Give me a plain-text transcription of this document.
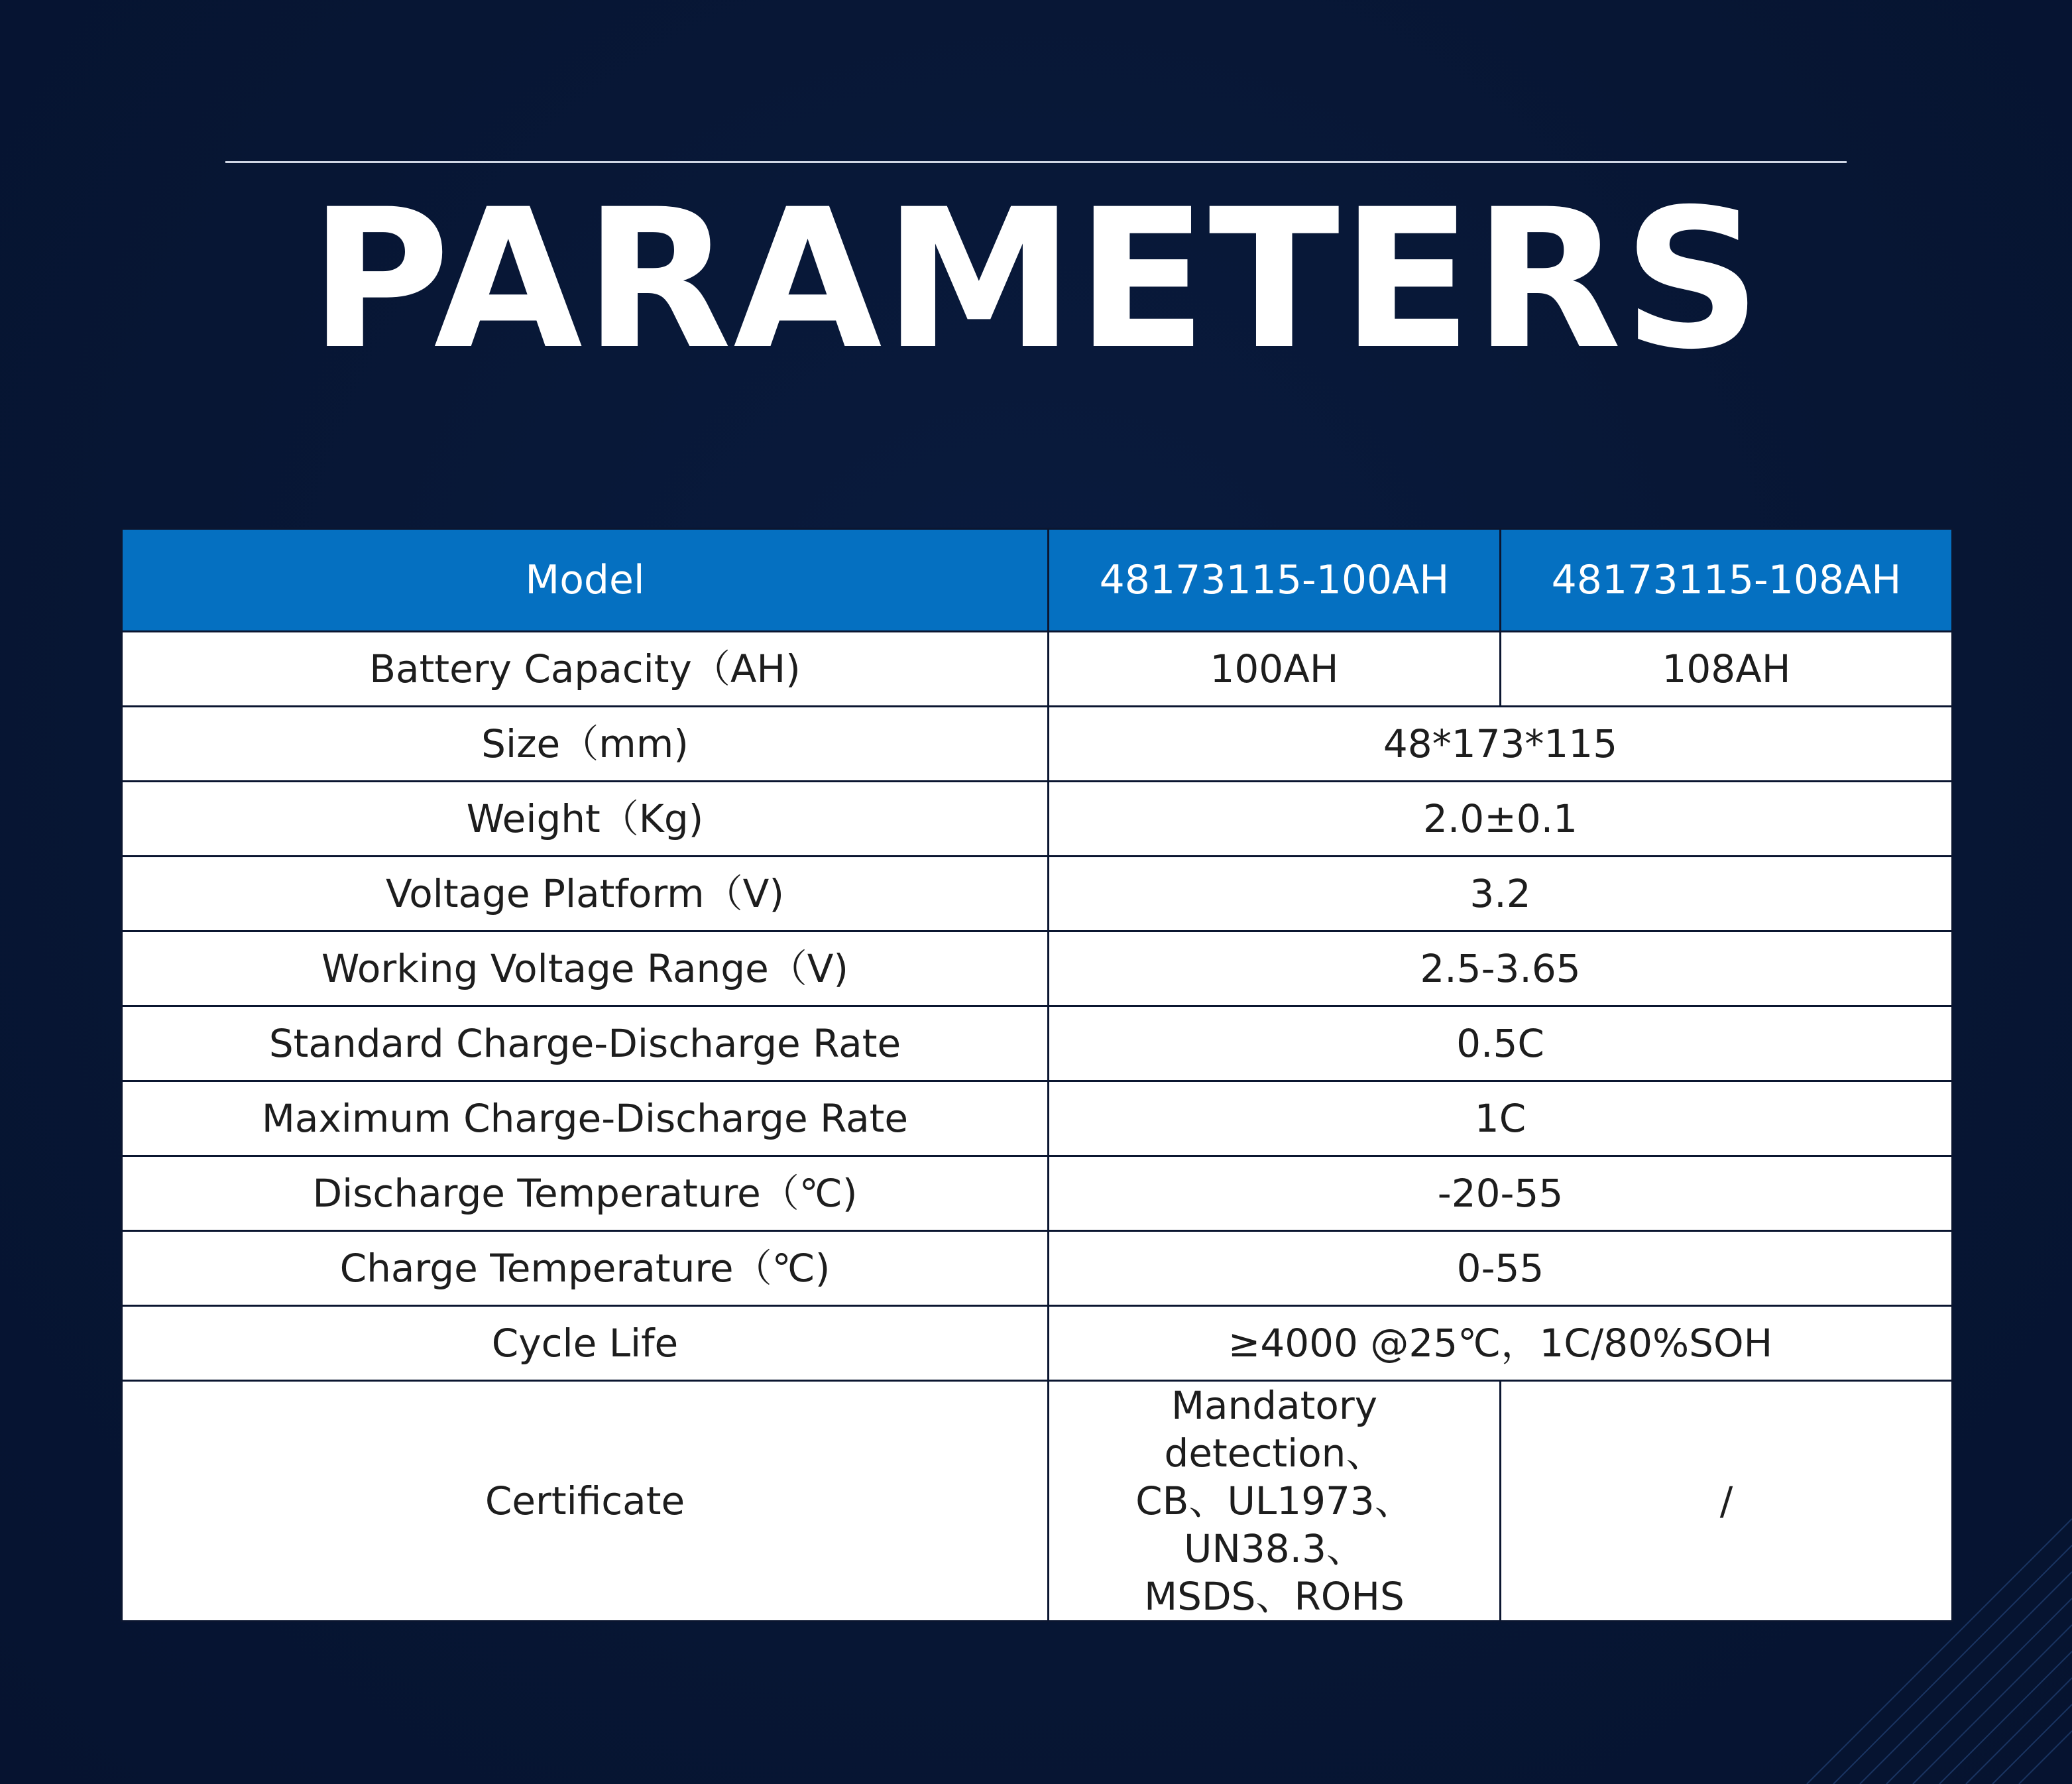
PARAMETERS
Model	48173115-100AH	48173115-108AH
Battery Capacity（AH)	100AH	108AH
Size（mm)	48*173*115	
Weight（Kg)	2.0±0.1	
Voltage Platform（V)	3.2	
Working Voltage Range（V)	2.5-3.65	
Standard Charge-Discharge Rate	0.5C	
Maximum Charge-Discharge Rate	1C	
Discharge Temperature（℃)	-20-55	
Charge Temperature（℃)	0-55	
Cycle Life	≥4000 @25℃，1C/80%SOH	
Certificate	Mandatory detection、
CB、UL1973、UN38.3、
MSDS、ROHS	/
